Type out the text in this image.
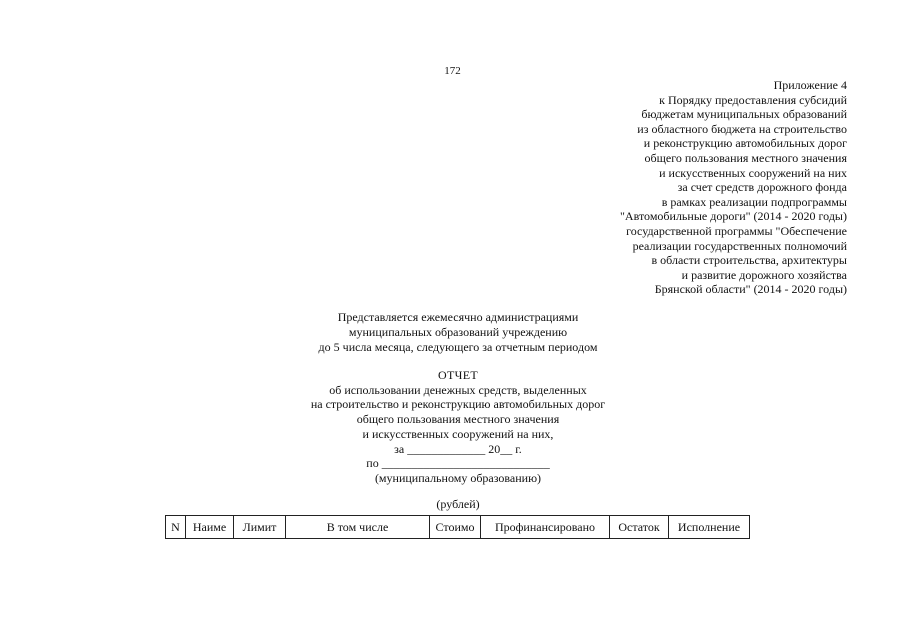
172
Приложение 4
к Порядку предоставления субсидий
бюджетам муниципальных образований
из областного бюджета на строительство
и реконструкцию автомобильных дорог
общего пользования местного значения
и искусственных сооружений на них
за счет средств дорожного фонда
в рамках реализации подпрограммы
"Автомобильные дороги" (2014 - 2020 годы)
государственной программы "Обеспечение
реализации государственных полномочий
в области строительства, архитектуры
и развитие дорожного хозяйства
Брянской области" (2014 - 2020 годы)
Представляется ежемесячно администрациями
муниципальных образований учреждению
до 5 числа месяца, следующего за отчетным периодом
ОТЧЕТ
об использовании денежных средств, выделенных
на строительство и реконструкцию автомобильных дорог
общего пользования местного значения
и искусственных сооружений на них,
за _____________ 20__ г.
по ____________________________
(муниципальному образованию)
(рублей)
N	Наиме	Лимит	В том числе	Стоимо	Профинансировано	Остаток	Исполнение
